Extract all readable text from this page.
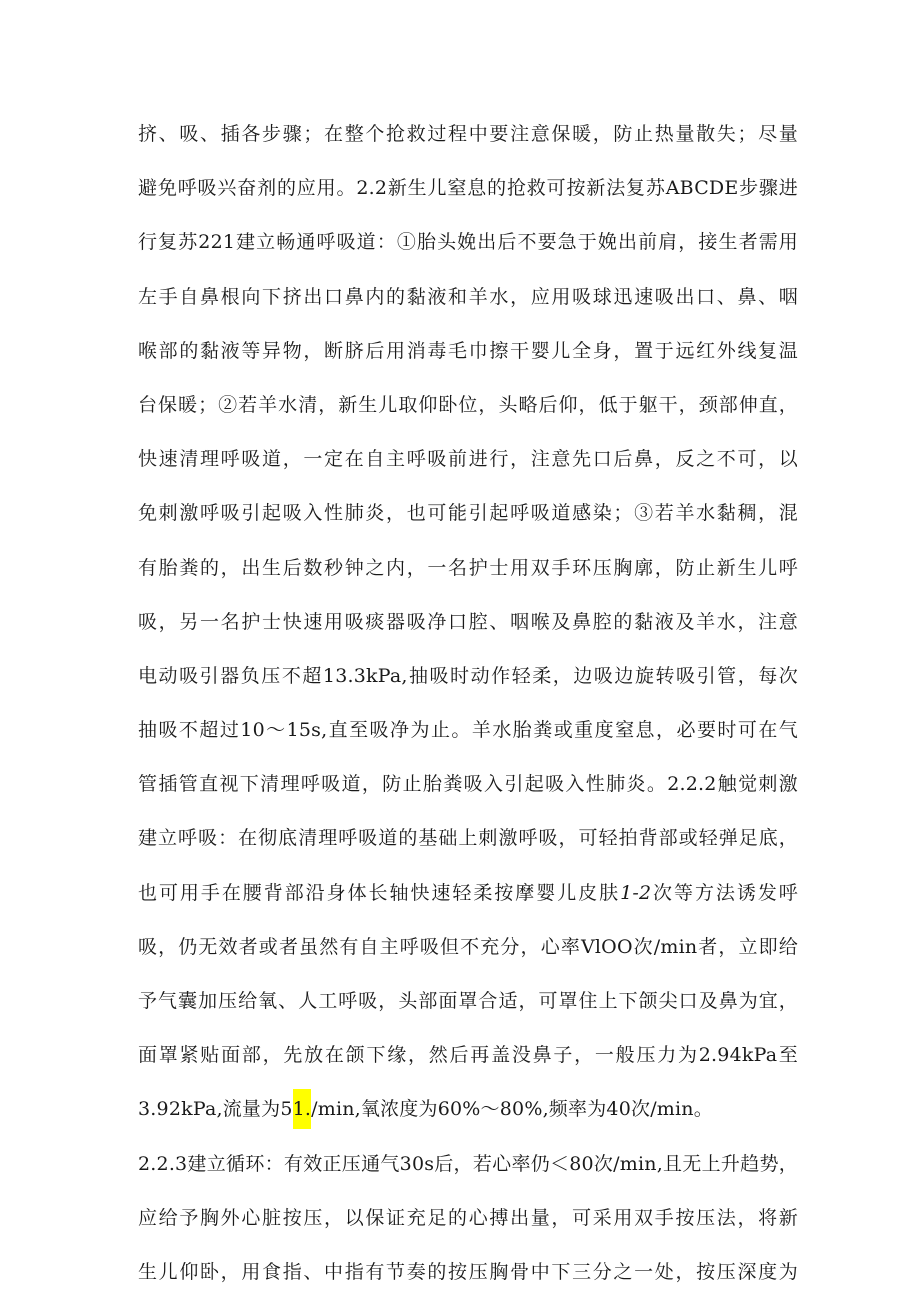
挤、吸、插各步骤；在整个抢救过程中要注意保暖，防止热量散失；尽量
避免呼吸兴奋剂的应用。2.2新生儿窒息的抢救可按新法复苏ABCDE步骤进
行复苏221建立畅通呼吸道：①胎头娩出后不要急于娩出前肩，接生者需用
左手自鼻根向下挤出口鼻内的黏液和羊水，应用吸球迅速吸出口、鼻、咽
喉部的黏液等异物，断脐后用消毒毛巾擦干婴儿全身，置于远红外线复温
台保暖；②若羊水清，新生儿取仰卧位，头略后仰，低于躯干，颈部伸直，
快速清理呼吸道，一定在自主呼吸前进行，注意先口后鼻，反之不可，以
免刺激呼吸引起吸入性肺炎，也可能引起呼吸道感染；③若羊水黏稠，混
有胎粪的，出生后数秒钟之内，一名护士用双手环压胸廓，防止新生儿呼
吸，另一名护士快速用吸痰器吸净口腔、咽喉及鼻腔的黏液及羊水，注意
电动吸引器负压不超13.3kPa,抽吸时动作轻柔，边吸边旋转吸引管，每次
抽吸不超过10～15s,直至吸净为止。羊水胎粪或重度窒息，必要时可在气
管插管直视下清理呼吸道，防止胎粪吸入引起吸入性肺炎。2.2.2触觉刺激
建立呼吸：在彻底清理呼吸道的基础上刺激呼吸，可轻拍背部或轻弹足底，
也可用手在腰背部沿身体长轴快速轻柔按摩婴儿皮肤1-2次等方法诱发呼
吸，仍无效者或者虽然有自主呼吸但不充分，心率VlOO次/min者，立即给
予气囊加压给氧、人工呼吸，头部面罩合适，可罩住上下颌尖口及鼻为宜，
面罩紧贴面部，先放在颌下缘，然后再盖没鼻子，一般压力为2.94kPa至
3.92kPa,流量为51./min,氧浓度为60%～80%,频率为40次/min。
2.2.3建立循环：有效正压通气30s后，若心率仍＜80次/min,且无上升趋势，
应给予胸外心脏按压，以保证充足的心搏出量，可采用双手按压法，将新
生儿仰卧，用食指、中指有节奏的按压胸骨中下三分之一处，按压深度为
